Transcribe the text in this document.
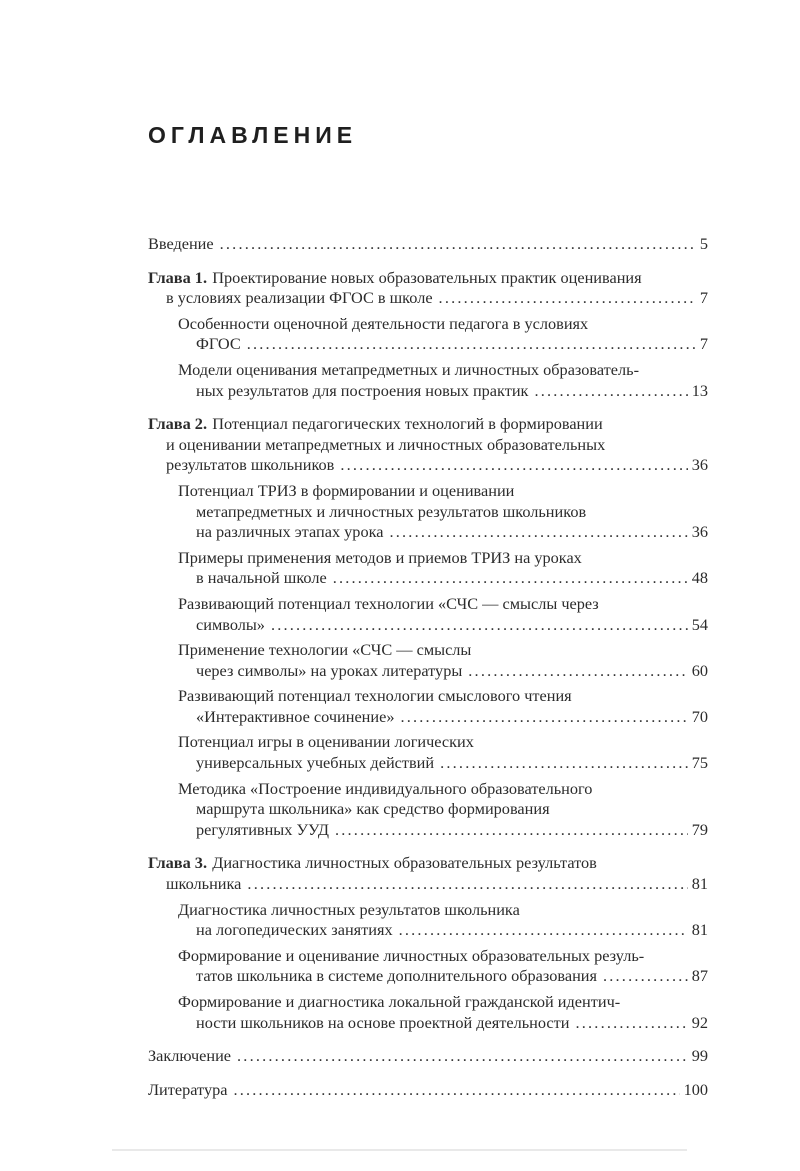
ОГЛАВЛЕНИЕ
Введение .....	5
Глава 1. Проектирование новых образовательных практик оценивания
в условиях реализации ФГОС в школе .....	7
Особенности оценочной деятельности педагога в условиях
ФГОС .....	7
Модели оценивания метапредметных и личностных образователь-
ных результатов для построения новых практик .....	13
Глава 2. Потенциал педагогических технологий в формировании
и оценивании метапредметных и личностных образовательных
результатов школьников .....	36
Потенциал ТРИЗ в формировании и оценивании
метапредметных и личностных результатов школьников
на различных этапах урока .....	36
Примеры применения методов и приемов ТРИЗ на уроках
в начальной школе .....	48
Развивающий потенциал технологии «СЧС — смыслы через
символы» .....	54
Применение технологии «СЧС — смыслы
через символы» на уроках литературы .....	60
Развивающий потенциал технологии смыслового чтения
«Интерактивное сочинение» .....	70
Потенциал игры в оценивании логических
универсальных учебных действий .....	75
Методика «Построение индивидуального образовательного
маршрута школьника» как средство формирования
регулятивных УУД .....	79
Глава 3. Диагностика личностных образовательных результатов
школьника .....	81
Диагностика личностных результатов школьника
на логопедических занятиях .....	81
Формирование и оценивание личностных образовательных резуль-
татов школьника в системе дополнительного образования .....	87
Формирование и диагностика локальной гражданской идентич-
ности школьников на основе проектной деятельности .....	92
Заключение .....	99
Литература .....	100
